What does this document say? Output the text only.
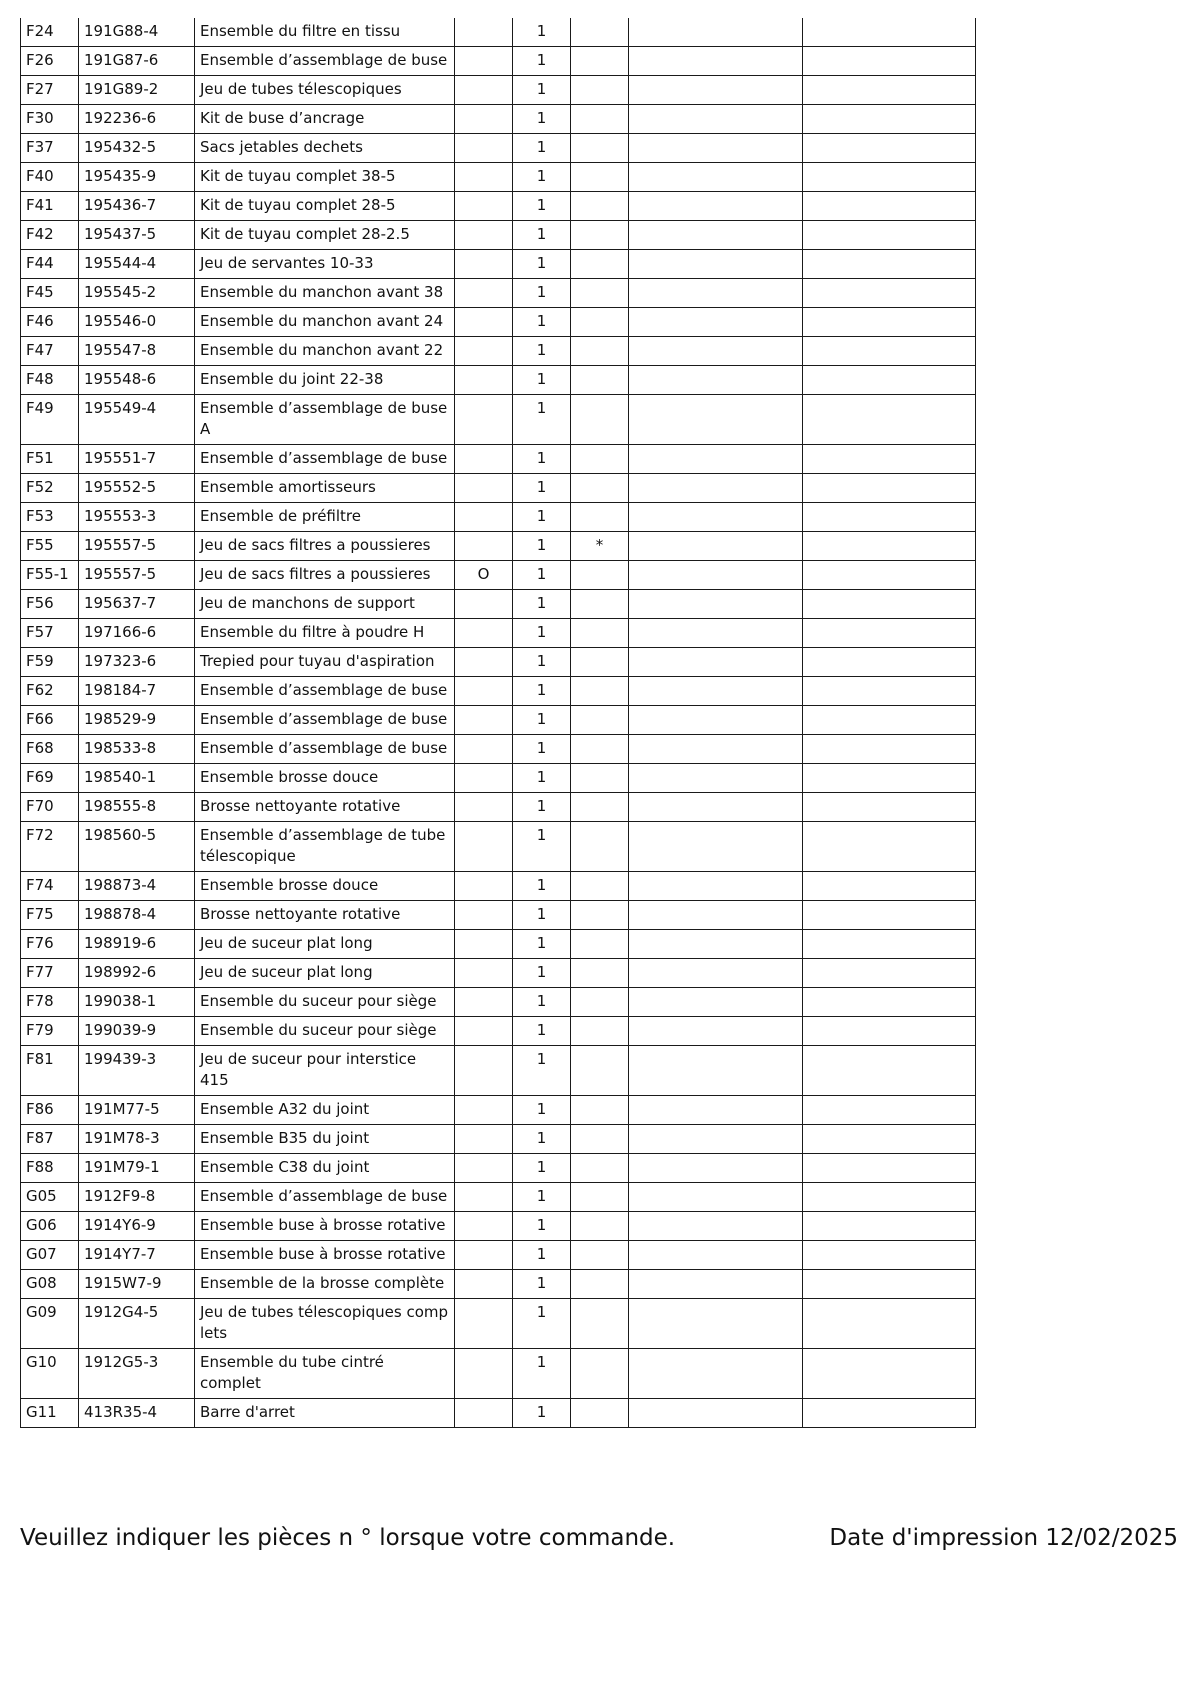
F24	191G88-4	Ensemble du filtre en tissu		1			
F26	191G87-6	Ensemble d’assemblage de buse		1			
F27	191G89-2	Jeu de tubes télescopiques		1			
F30	192236-6	Kit de buse d’ancrage		1			
F37	195432-5	Sacs jetables dechets		1			
F40	195435-9	Kit de tuyau complet 38-5		1			
F41	195436-7	Kit de tuyau complet 28-5		1			
F42	195437-5	Kit de tuyau complet 28-2.5		1			
F44	195544-4	Jeu de servantes 10-33		1			
F45	195545-2	Ensemble du manchon avant 38		1			
F46	195546-0	Ensemble du manchon avant 24		1			
F47	195547-8	Ensemble du manchon avant 22		1			
F48	195548-6	Ensemble du joint 22-38		1			
F49	195549-4	Ensemble d’assemblage de buse A		1			
F51	195551-7	Ensemble d’assemblage de buse		1			
F52	195552-5	Ensemble amortisseurs		1			
F53	195553-3	Ensemble de préfiltre		1			
F55	195557-5	Jeu de sacs filtres a poussieres		1	*		
F55-1	195557-5	Jeu de sacs filtres a poussieres	O	1			
F56	195637-7	Jeu de manchons de support		1			
F57	197166-6	Ensemble du filtre à poudre H		1			
F59	197323-6	Trepied pour tuyau d'aspiration		1			
F62	198184-7	Ensemble d’assemblage de buse		1			
F66	198529-9	Ensemble d’assemblage de buse		1			
F68	198533-8	Ensemble d’assemblage de buse		1			
F69	198540-1	Ensemble brosse douce		1			
F70	198555-8	Brosse nettoyante rotative		1			
F72	198560-5	Ensemble d’assemblage de tube télescopique		1			
F74	198873-4	Ensemble brosse douce		1			
F75	198878-4	Brosse nettoyante rotative		1			
F76	198919-6	Jeu de suceur plat long		1			
F77	198992-6	Jeu de suceur plat long		1			
F78	199038-1	Ensemble du suceur pour siège		1			
F79	199039-9	Ensemble du suceur pour siège		1			
F81	199439-3	Jeu de suceur pour interstice 415		1			
F86	191M77-5	Ensemble A32 du joint		1			
F87	191M78-3	Ensemble B35 du joint		1			
F88	191M79-1	Ensemble C38 du joint		1			
G05	1912F9-8	Ensemble d’assemblage de buse		1			
G06	1914Y6-9	Ensemble buse à brosse rotative		1			
G07	1914Y7-7	Ensemble buse à brosse rotative		1			
G08	1915W7-9	Ensemble de la brosse complète		1			
G09	1912G4-5	Jeu de tubes télescopiques comp lets		1			
G10	1912G5-3	Ensemble du tube cintré complet		1			
G11	413R35-4	Barre d'arret		1			
Veuillez indiquer les pièces n ° lorsque votre commande.	Date d'impression 12/02/2025
